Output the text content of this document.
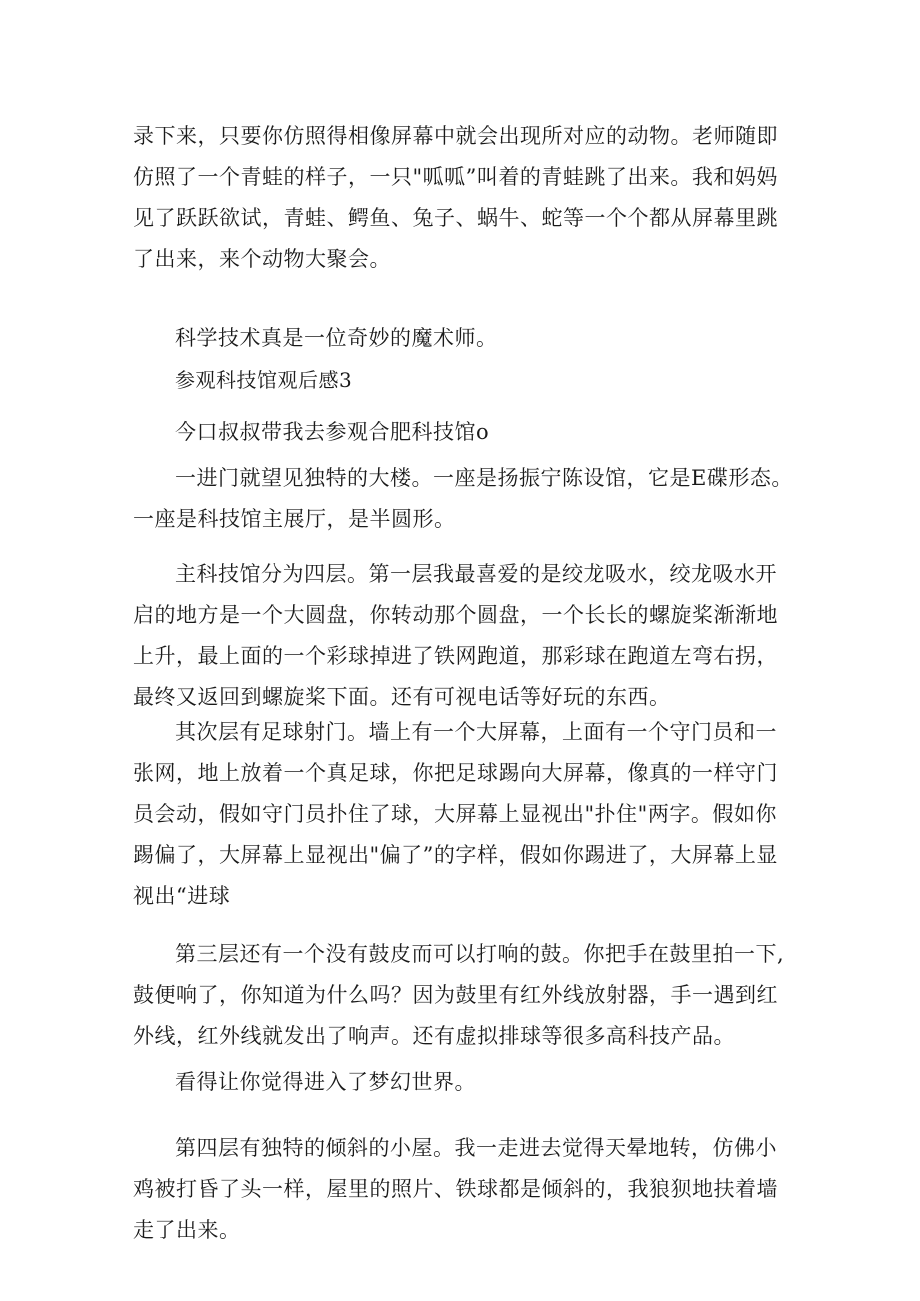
录下来，只要你仿照得相像屏幕中就会出现所对应的动物。老师随即仿照了一个青蛙的样子，一只"呱呱”叫着的青蛙跳了出来。我和妈妈见了跃跃欲试，青蛙、鳄鱼、兔子、蜗牛、蛇等一个个都从屏幕里跳了出来，来个动物大聚会。

科学技术真是一位奇妙的魔术师。

参观科技馆观后感3

今口叔叔带我去参观合肥科技馆o

一进门就望见独特的大楼。一座是扬振宁陈设馆，它是E碟形态。一座是科技馆主展厅，是半圆形。

主科技馆分为四层。第一层我最喜爱的是绞龙吸水，绞龙吸水开启的地方是一个大圆盘，你转动那个圆盘，一个长长的螺旋桨渐渐地上升，最上面的一个彩球掉进了铁网跑道，那彩球在跑道左弯右拐，最终又返回到螺旋桨下面。还有可视电话等好玩的东西。

其次层有足球射门。墙上有一个大屏幕，上面有一个守门员和一张网，地上放着一个真足球，你把足球踢向大屏幕，像真的一样守门员会动，假如守门员扑住了球，大屏幕上显视出"扑住"两字。假如你踢偏了，大屏幕上显视出"偏了”的字样，假如你踢进了，大屏幕上显视出“进球

第三层还有一个没有鼓皮而可以打响的鼓。你把手在鼓里拍一下,鼓便响了，你知道为什么吗？因为鼓里有红外线放射器，手一遇到红外线，红外线就发出了响声。还有虚拟排球等很多高科技产品。

看得让你觉得进入了梦幻世界。

第四层有独特的倾斜的小屋。我一走进去觉得天晕地转，仿佛小鸡被打昏了头一样，屋里的照片、铁球都是倾斜的，我狼狈地扶着墙走了出来。
